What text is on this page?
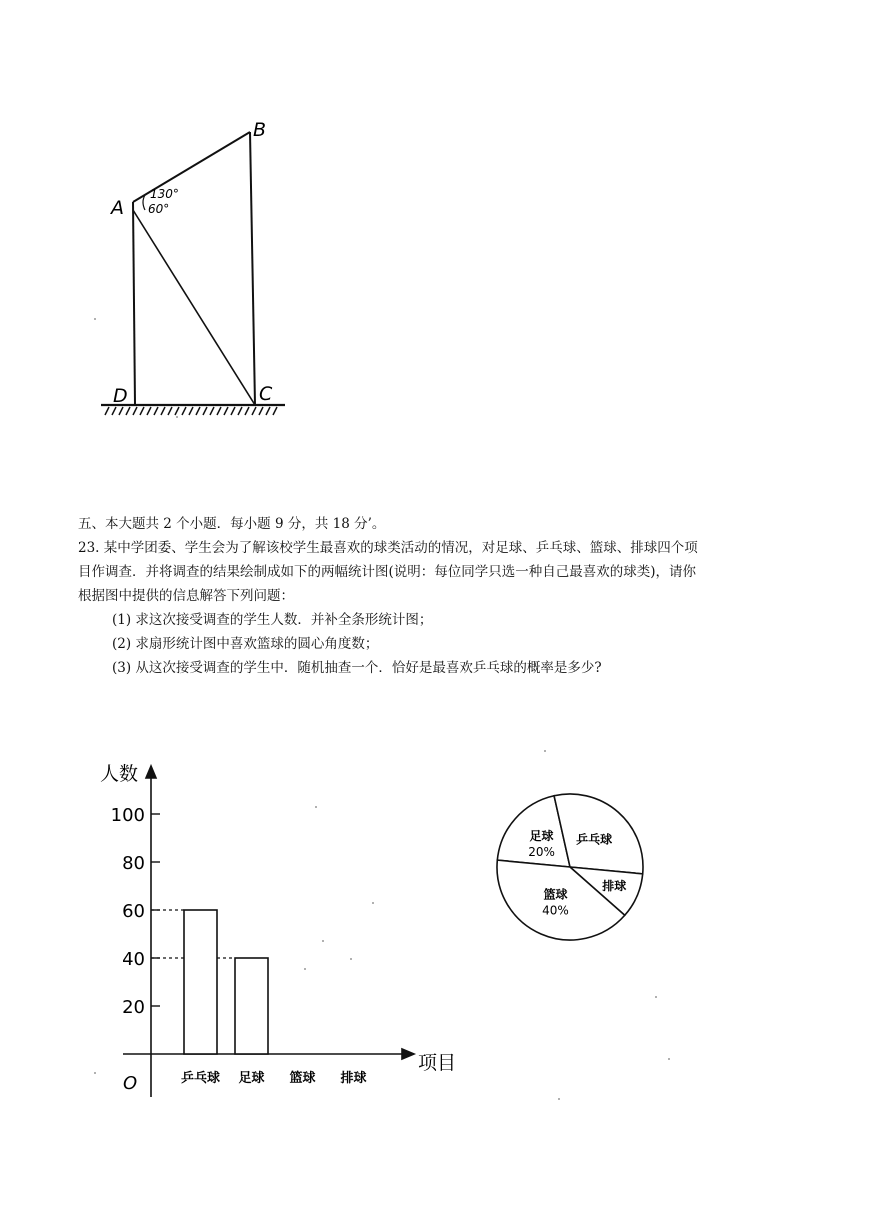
A
B
C
D
130°
60°

五、本大题共 2 个小题．每小题 9 分，共 18 分’。

23. 某中学团委、学生会为了解该校学生最喜欢的球类活动的情况，对足球、乒乓球、篮球、排球四个项

目作调查．并将调查的结果绘制成如下的两幅统计图(说明：每位同学只选一种自己最喜欢的球类)，请你

根据图中提供的信息解答下列问题：

(1) 求这次接受调查的学生人数．并补全条形统计图；

(2) 求扇形统计图中喜欢篮球的圆心角度数；

(3) 从这次接受调查的学生中．随机抽查一个．恰好是最喜欢乒乓球的概率是多少?

20
40
60
80
100
乒乓球 足球 篮球 排球
人数
项目
O
足球
20%
乒乓球
排球
篮球
40%
